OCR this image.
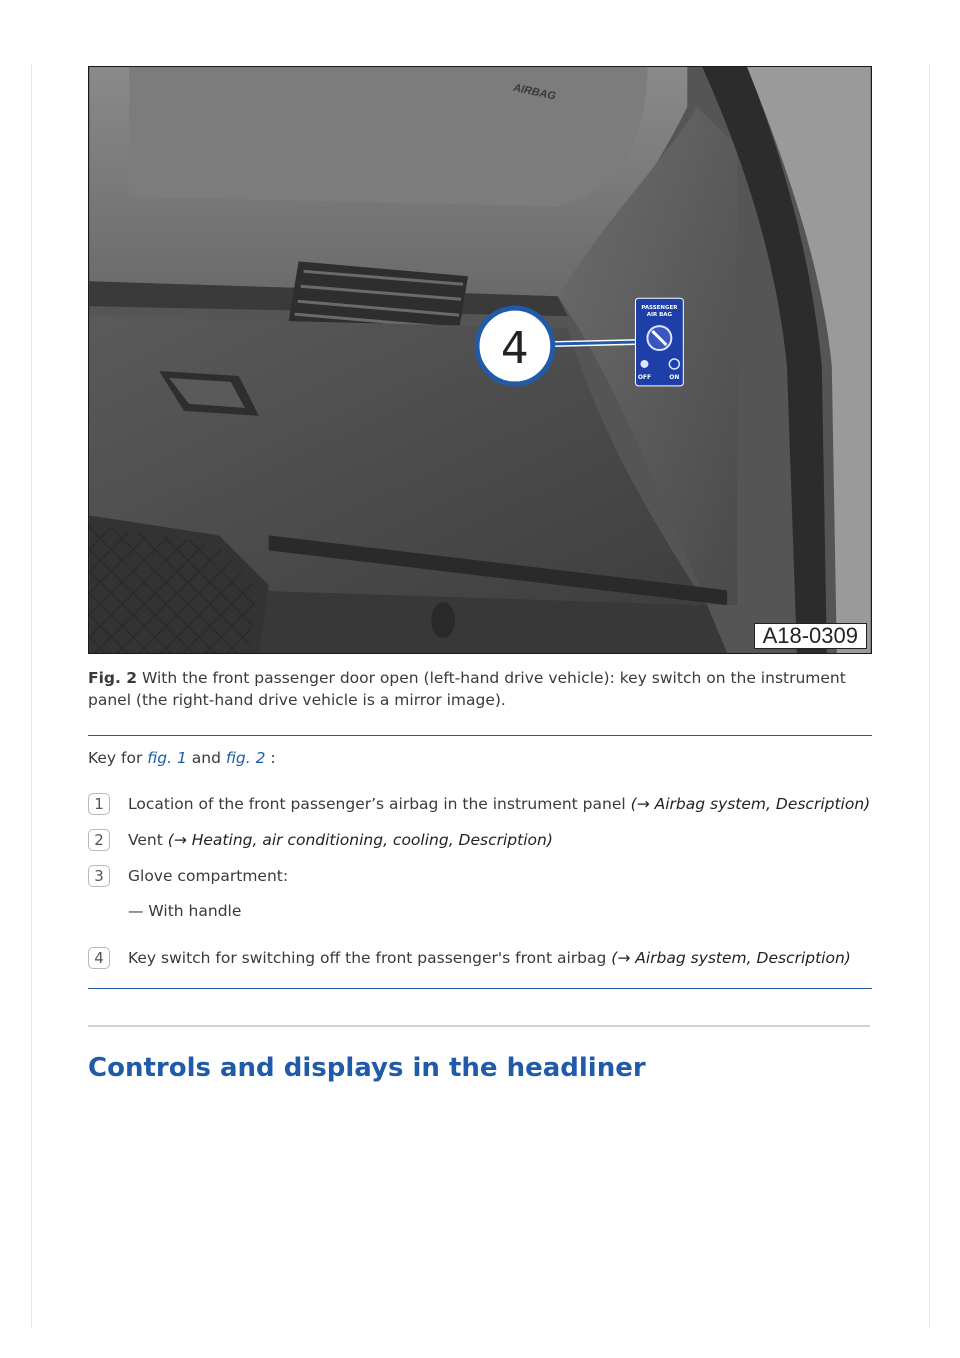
AIRBAG
4
PASSENGER
AIR BAG
OFF	ON
A18-0309
Fig. 2 With the front passenger door open (left-hand drive vehicle): key switch on the instrument panel (the right-hand drive vehicle is a mirror image).
Key for fig. 1 and fig. 2 :
1	Location of the front passenger’s airbag in the instrument panel (→ Airbag system, Description)
2	Vent (→ Heating, air conditioning, cooling, Description)
3	Glove compartment:
— With handle
4	Key switch for switching off the front passenger's front airbag (→ Airbag system, Description)
Controls and displays in the headliner
